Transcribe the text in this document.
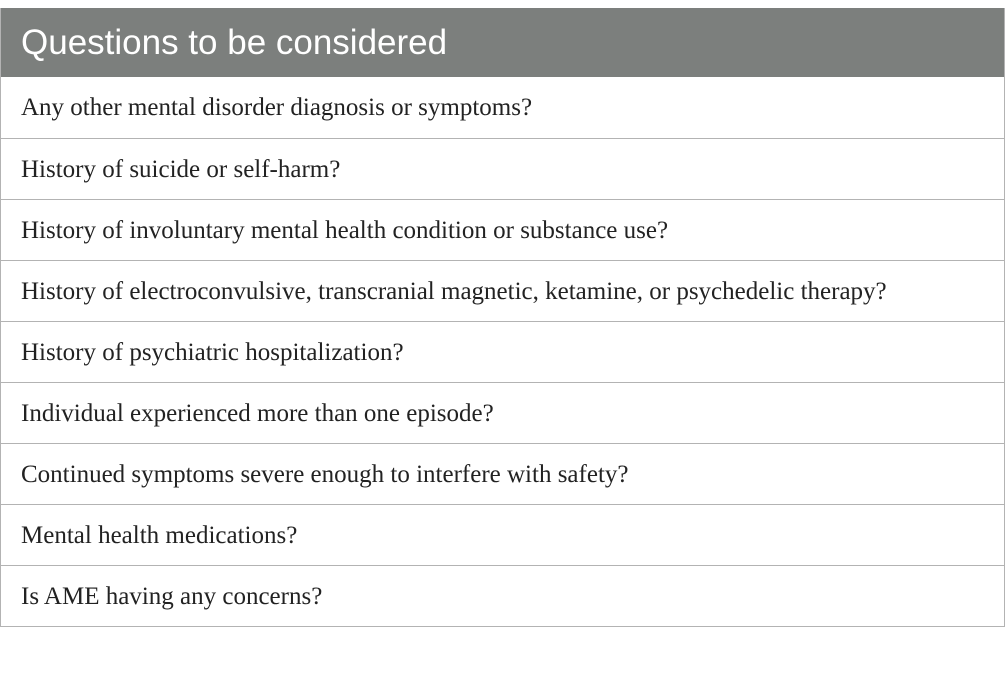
Questions to be considered
Any other mental disorder diagnosis or symptoms?
History of suicide or self-harm?
History of involuntary mental health condition or substance use?
History of electroconvulsive, transcranial magnetic, ketamine, or psychedelic therapy?
History of psychiatric hospitalization?
Individual experienced more than one episode?
Continued symptoms severe enough to interfere with safety?
Mental health medications?
Is AME having any concerns?
